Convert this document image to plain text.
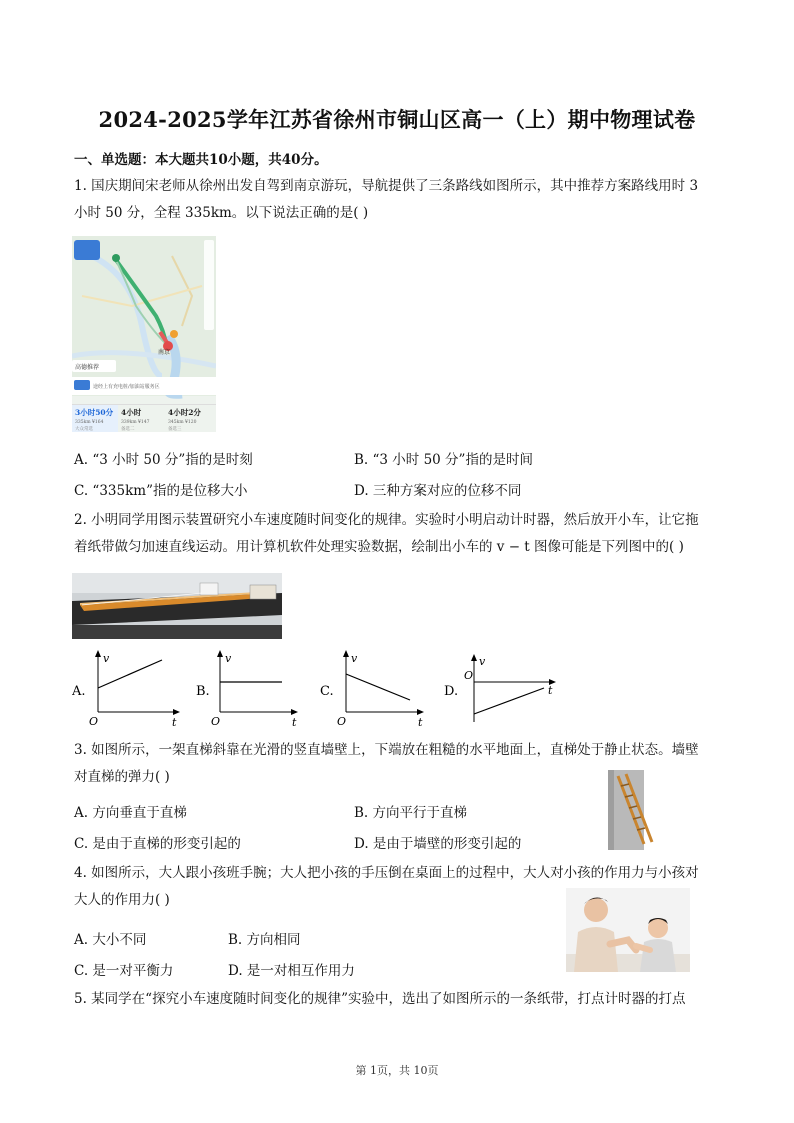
2024-2025学年江苏省徐州市铜山区高一（上）期中物理试卷
一、单选题：本大题共10小题，共40分。
1. 国庆期间宋老师从徐州出发自驾到南京游玩，导航提供了三条路线如图所示，其中推荐方案路线用时 3
小时 50 分，全程 335km。以下说法正确的是( )
高德推荐
南京
途经上有充电桩/加油站服务区
3小时50分
335km ¥164
大众常选
4小时
339km ¥147
备选二
4小时2分
345km ¥120
备选三
A. “3 小时 50 分”指的是时刻	B. “3 小时 50 分”指的是时间
C. “335km”指的是位移大小	D. 三种方案对应的位移不同
2. 小明同学用图示装置研究小车速度随时间变化的规律。实验时小明启动计时器，然后放开小车，让它拖
着纸带做匀加速直线运动。用计算机软件处理实验数据，绘制出小车的 v − t 图像可能是下列图中的( )
A.
v
t
O
B.
v
t
O
C.
v
t
O
D.
v
t
O
3. 如图所示，一架直梯斜靠在光滑的竖直墙壁上，下端放在粗糙的水平地面上，直梯处于静止状态。墙壁
对直梯的弹力( )
A. 方向垂直于直梯	B. 方向平行于直梯
C. 是由于直梯的形变引起的	D. 是由于墙壁的形变引起的
4. 如图所示，大人跟小孩班手腕；大人把小孩的手压倒在桌面上的过程中，大人对小孩的作用力与小孩对
大人的作用力( )
A. 大小不同	B. 方向相同
C. 是一对平衡力	D. 是一对相互作用力
5. 某同学在“探究小车速度随时间变化的规律”实验中，选出了如图所示的一条纸带，打点计时器的打点
第 1页，共 10页
